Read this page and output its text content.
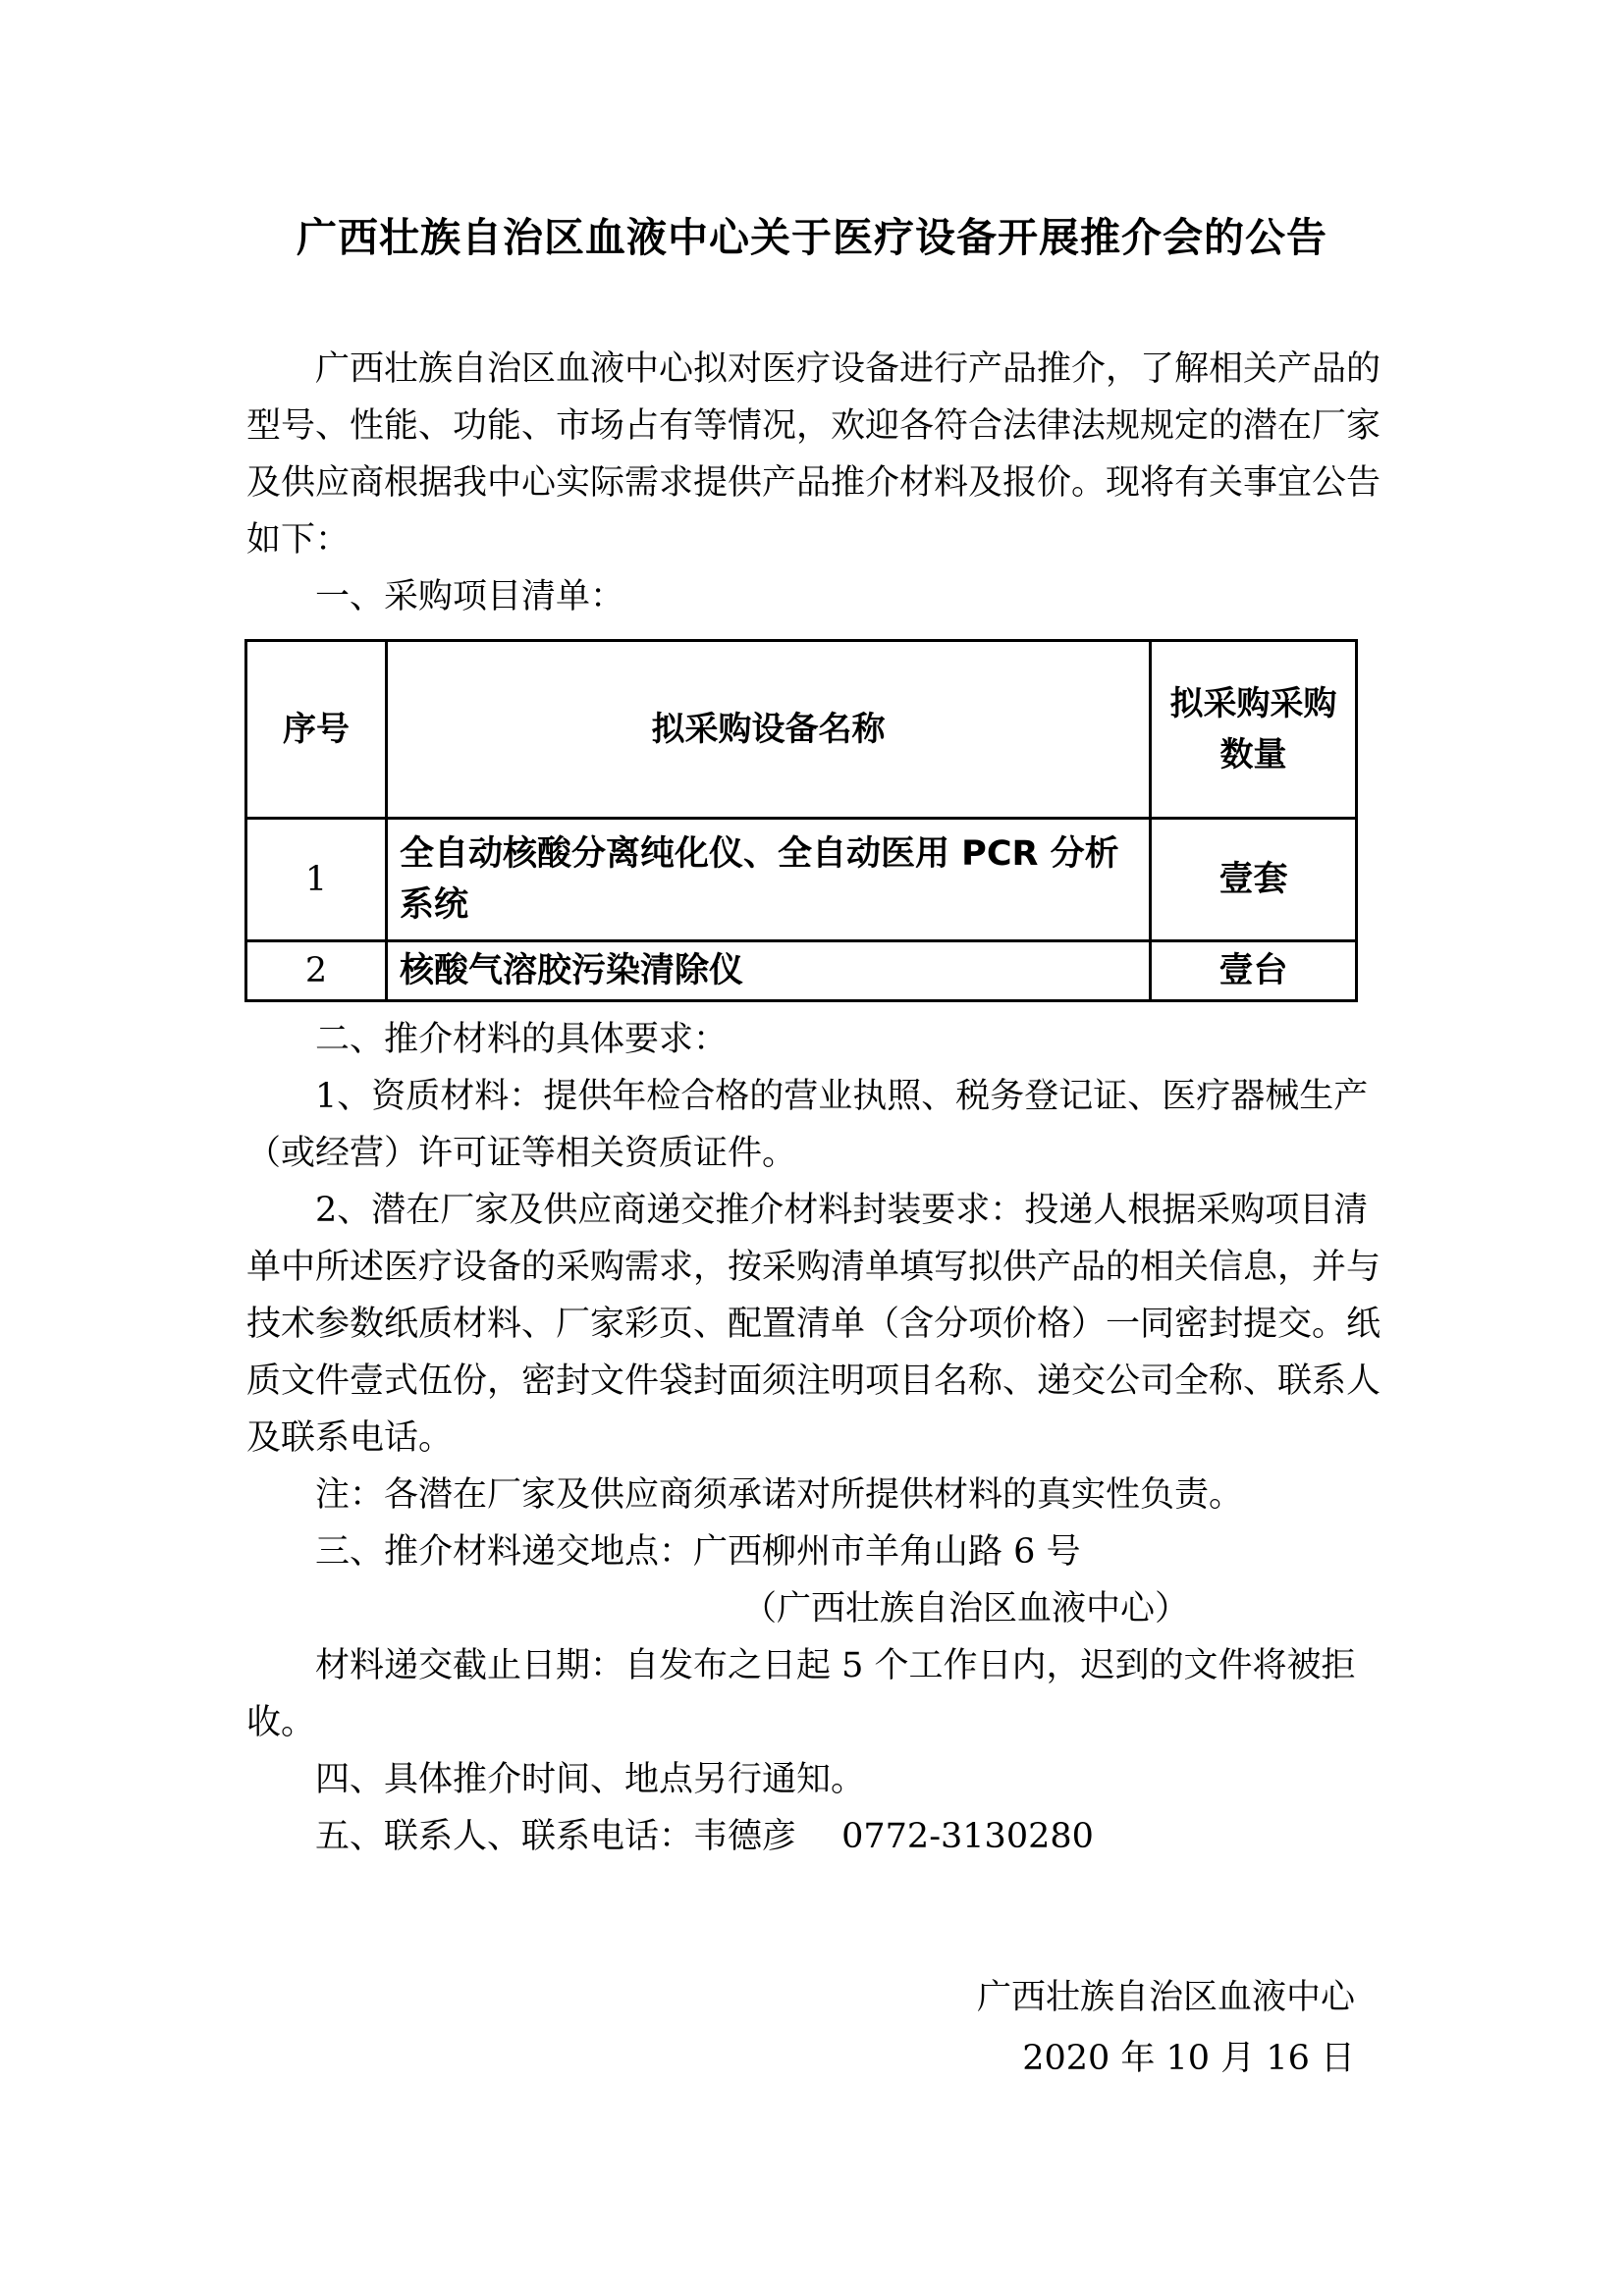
广西壮族自治区血液中心关于医疗设备开展推介会的公告

广西壮族自治区血液中心拟对医疗设备进行产品推介，了解相关产品的型号、性能、功能、市场占有等情况，欢迎各符合法律法规规定的潜在厂家及供应商根据我中心实际需求提供产品推介材料及报价。现将有关事宜公告如下：

一、采购项目清单：

序号	拟采购设备名称	拟采购采购数量
1	全自动核酸分离纯化仪、全自动医用 PCR 分析系统	壹套
2	核酸气溶胶污染清除仪	壹台

二、推介材料的具体要求：

1、资质材料：提供年检合格的营业执照、税务登记证、医疗器械生产（或经营）许可证等相关资质证件。

2、潜在厂家及供应商递交推介材料封装要求：投递人根据采购项目清单中所述医疗设备的采购需求，按采购清单填写拟供产品的相关信息，并与技术参数纸质材料、厂家彩页、配置清单（含分项价格）一同密封提交。纸质文件壹式伍份，密封文件袋封面须注明项目名称、递交公司全称、联系人及联系电话。

注：各潜在厂家及供应商须承诺对所提供材料的真实性负责。

三、推介材料递交地点：广西柳州市羊角山路 6 号

（广西壮族自治区血液中心）

材料递交截止日期：自发布之日起 5 个工作日内，迟到的文件将被拒收。

四、具体推介时间、地点另行通知。

五、联系人、联系电话：韦德彦　 0772-3130280

广西壮族自治区血液中心

2020 年 10 月 16 日
